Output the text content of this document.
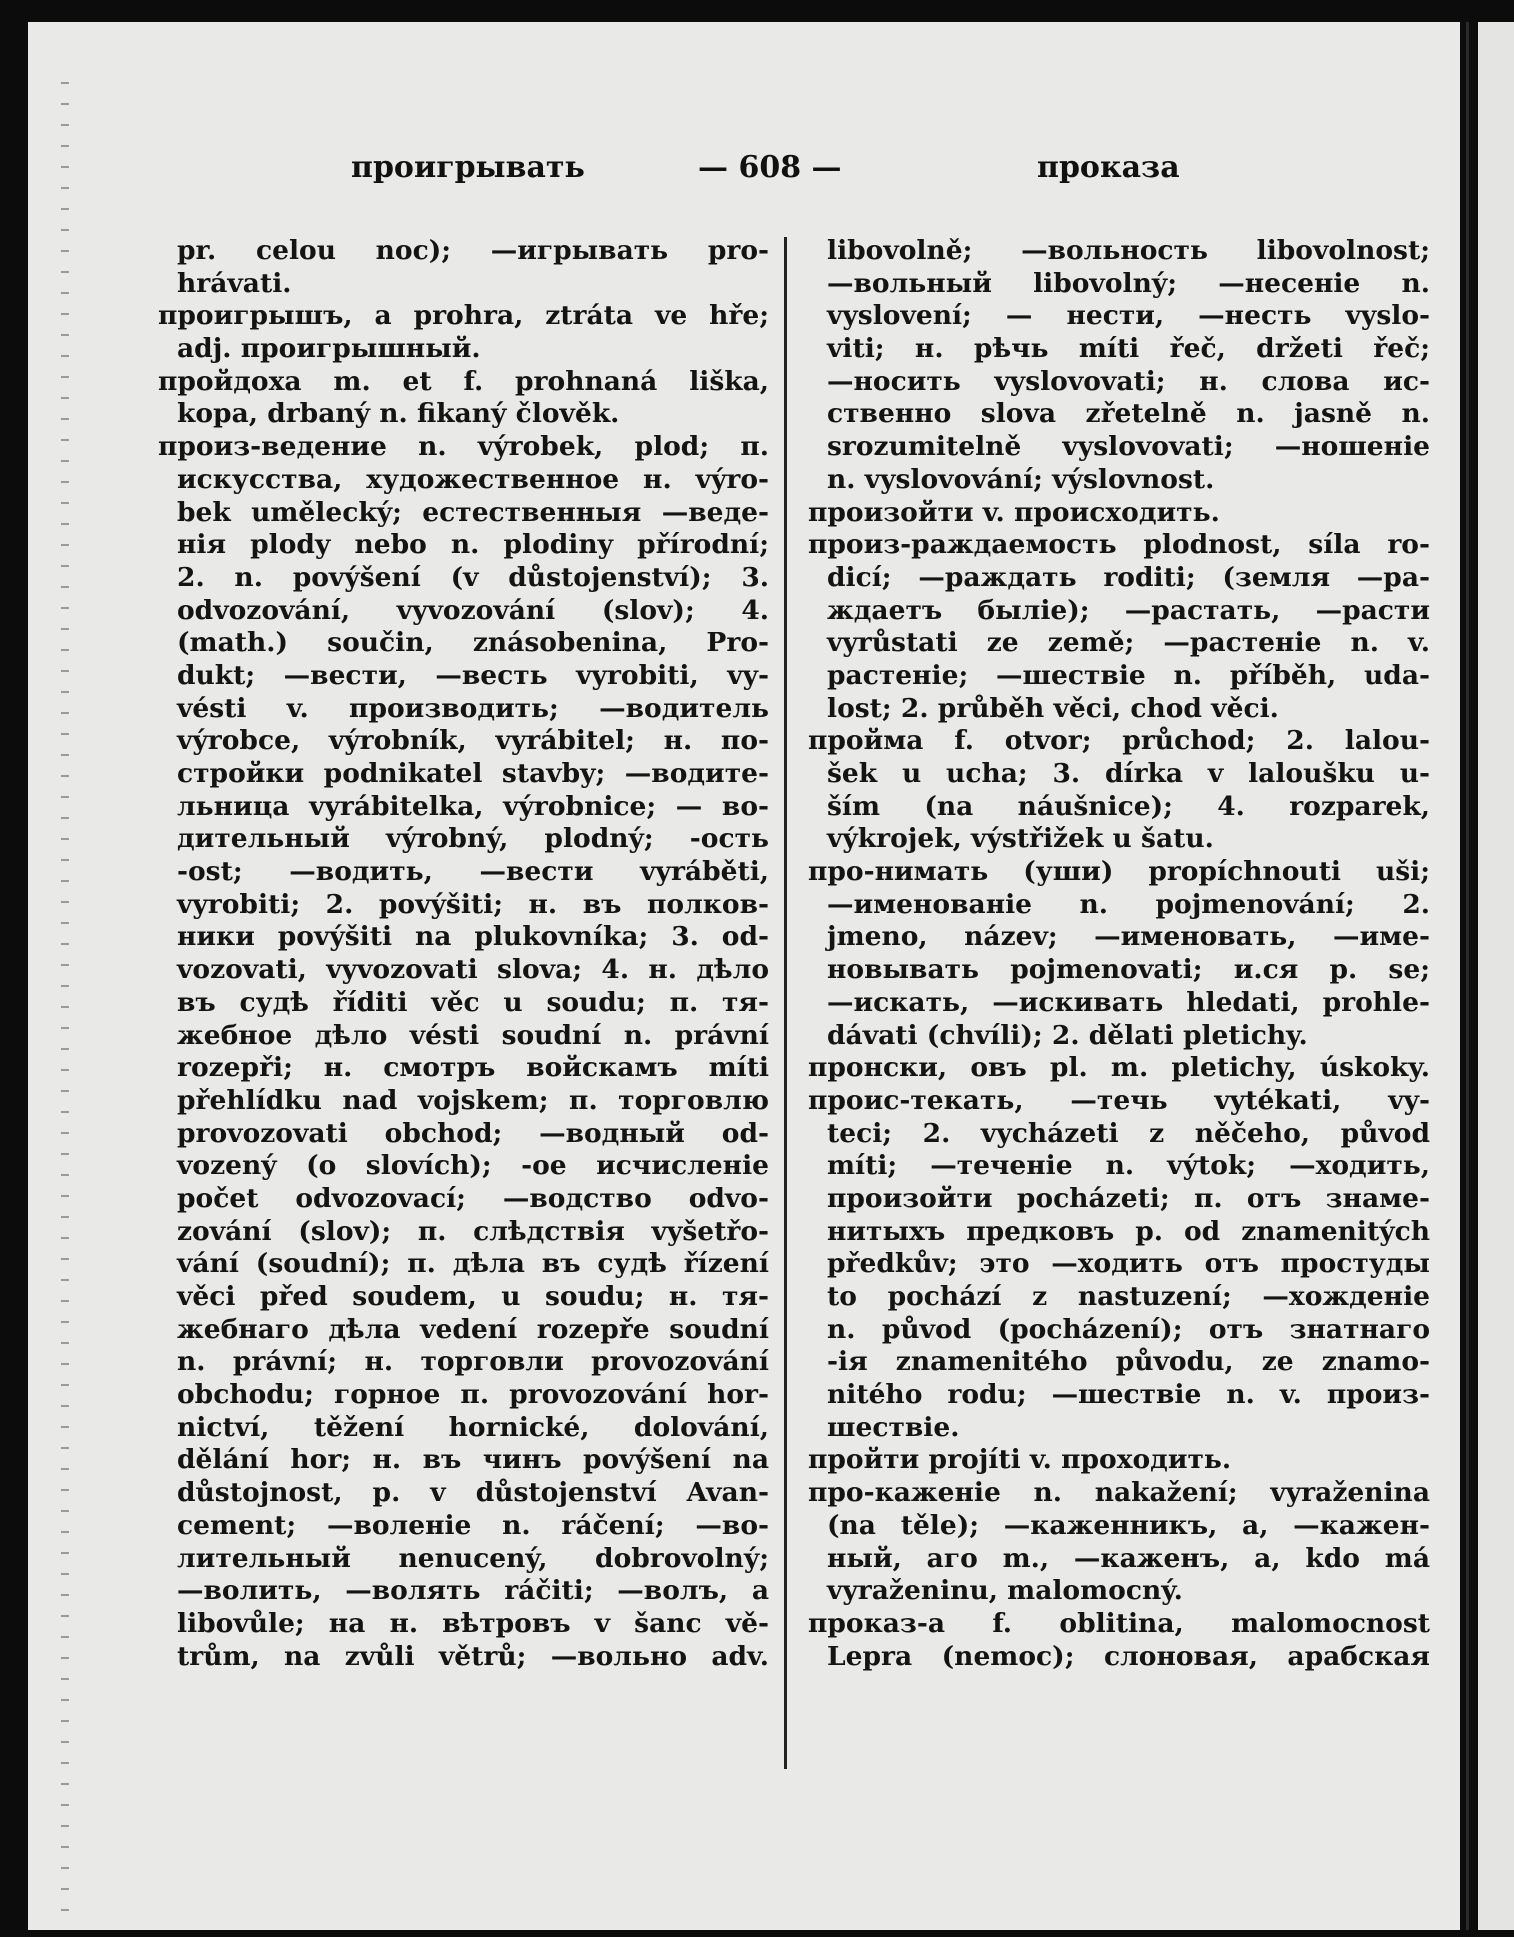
проигрывать	— 608 —	проказа
pr. celou noc); —игрывать pro-
hrávati.
проигрышъ, a prohra, ztráta ve hře;
adj. проигрышный.
пройдоха m. et f. prohnaná liška,
kopa, drbaný n. fikaný člověk.
произ-ведение n. výrobek, plod; п.
искусства, художественное н. výro-
bek umělecký; естественныя —веде-
нія plody nebo n. plodiny přírodní;
2. n. povýšení (v důstojenství); 3.
odvozování, vyvozování (slov); 4.
(math.) součin, znásobenina, Pro-
dukt; —вести, —весть vyrobiti, vy-
vésti v. производить; —водитель
výrobce, výrobník, vyrábitel; н. по-
стройки podnikatel stavby; —водите-
льница vyrábitelka, výrobnice; — во-
дительный výrobný, plodný; -ость
-ost; —водить, —вести vyráběti,
vyrobiti; 2. povýšiti; н. въ полков-
ники povýšiti na plukovníka; 3. od-
vozovati, vyvozovati slova; 4. н. дѣло
въ судѣ říditi věc u soudu; п. тя-
жебное дѣло vésti soudní n. právní
rozepři; н. смотръ войскамъ míti
přehlídku nad vojskem; п. торговлю
provozovati obchod; —водный od-
vozený (o slovích); -ое исчисленіе
počet odvozovací; —водство odvo-
zování (slov); п. слѣдствія vyšetřo-
vání (soudní); п. дѣла въ судѣ řízení
věci před soudem, u soudu; н. тя-
жебнаго дѣла vedení rozepře soudní
n. právní; н. торговли provozování
obchodu; горное п. provozování hor-
nictví, těžení hornické, dolování,
dělání hor; н. въ чинъ povýšení na
důstojnost, p. v důstojenství Avan-
cement; —воленіе n. ráčení; —во-
лительный nenucený, dobrovolný;
—волить, —волять ráčiti; —волъ, a
libovůle; на н. вѣтровъ v šanc vě-
trům, na zvůli větrů; —вольно adv.
libovolně; —вольность libovolnost;
—вольный libovolný; —несеніе n.
vyslovení; — нести, —несть vyslo-
viti; н. рѣчь míti řeč, držeti řeč;
—носить vyslovovati; н. слова ис-
ственно slova zřetelně n. jasně n.
srozumitelně vyslovovati; —ношеніе
n. vyslovování; výslovnost.
произойти v. происходить.
произ-раждаемость plodnost, síla ro-
dicí; —раждать roditi; (земля —ра-
ждаетъ былie); —растать, —расти
vyrůstati ze země; —растеніе n. v.
растеніе; —шествіе n. příběh, uda-
lost; 2. průběh věci, chod věci.
пройма f. otvor; průchod; 2. lalou-
šek u ucha; 3. dírka v laloušku u-
ším (na náušnice); 4. rozparek,
výkrojek, výstřižek u šatu.
про-нимать (уши) propíchnouti uši;
—именованіе n. pojmenování; 2.
jmeno, název; —именовать, —име-
новывать pojmenovati; и.ся p. se;
—искать, —искивать hledati, prohle-
dávati (chvíli); 2. dělati pletichy.
пронски, овъ pl. m. pletichy, úskoky.
проис-текать, —течь vytékati, vy-
teci; 2. vycházeti z něčeho, původ
míti; —теченіе n. výtok; —ходить,
произойти pocházeti; п. отъ знаме-
нитыхъ предковъ p. od znamenitých
předkův; это —ходить отъ простуды
to pochází z nastuzení; —хожденіе
n. původ (pocházení); отъ знатнаго
-ія znamenitého původu, ze znamo-
nitého rodu; —шествіе n. v. произ-
шествіе.
пройти projíti v. проходить.
про-каженіе n. nakažení; vyraženina
(na těle); —каженникъ, a, —кажен-
ный, аго m., —каженъ, a, kdo má
vyraženinu, malomocný.
проказ-а f. oblitina, malomocnost
Lepra (nemoc); слоновая, арабская
